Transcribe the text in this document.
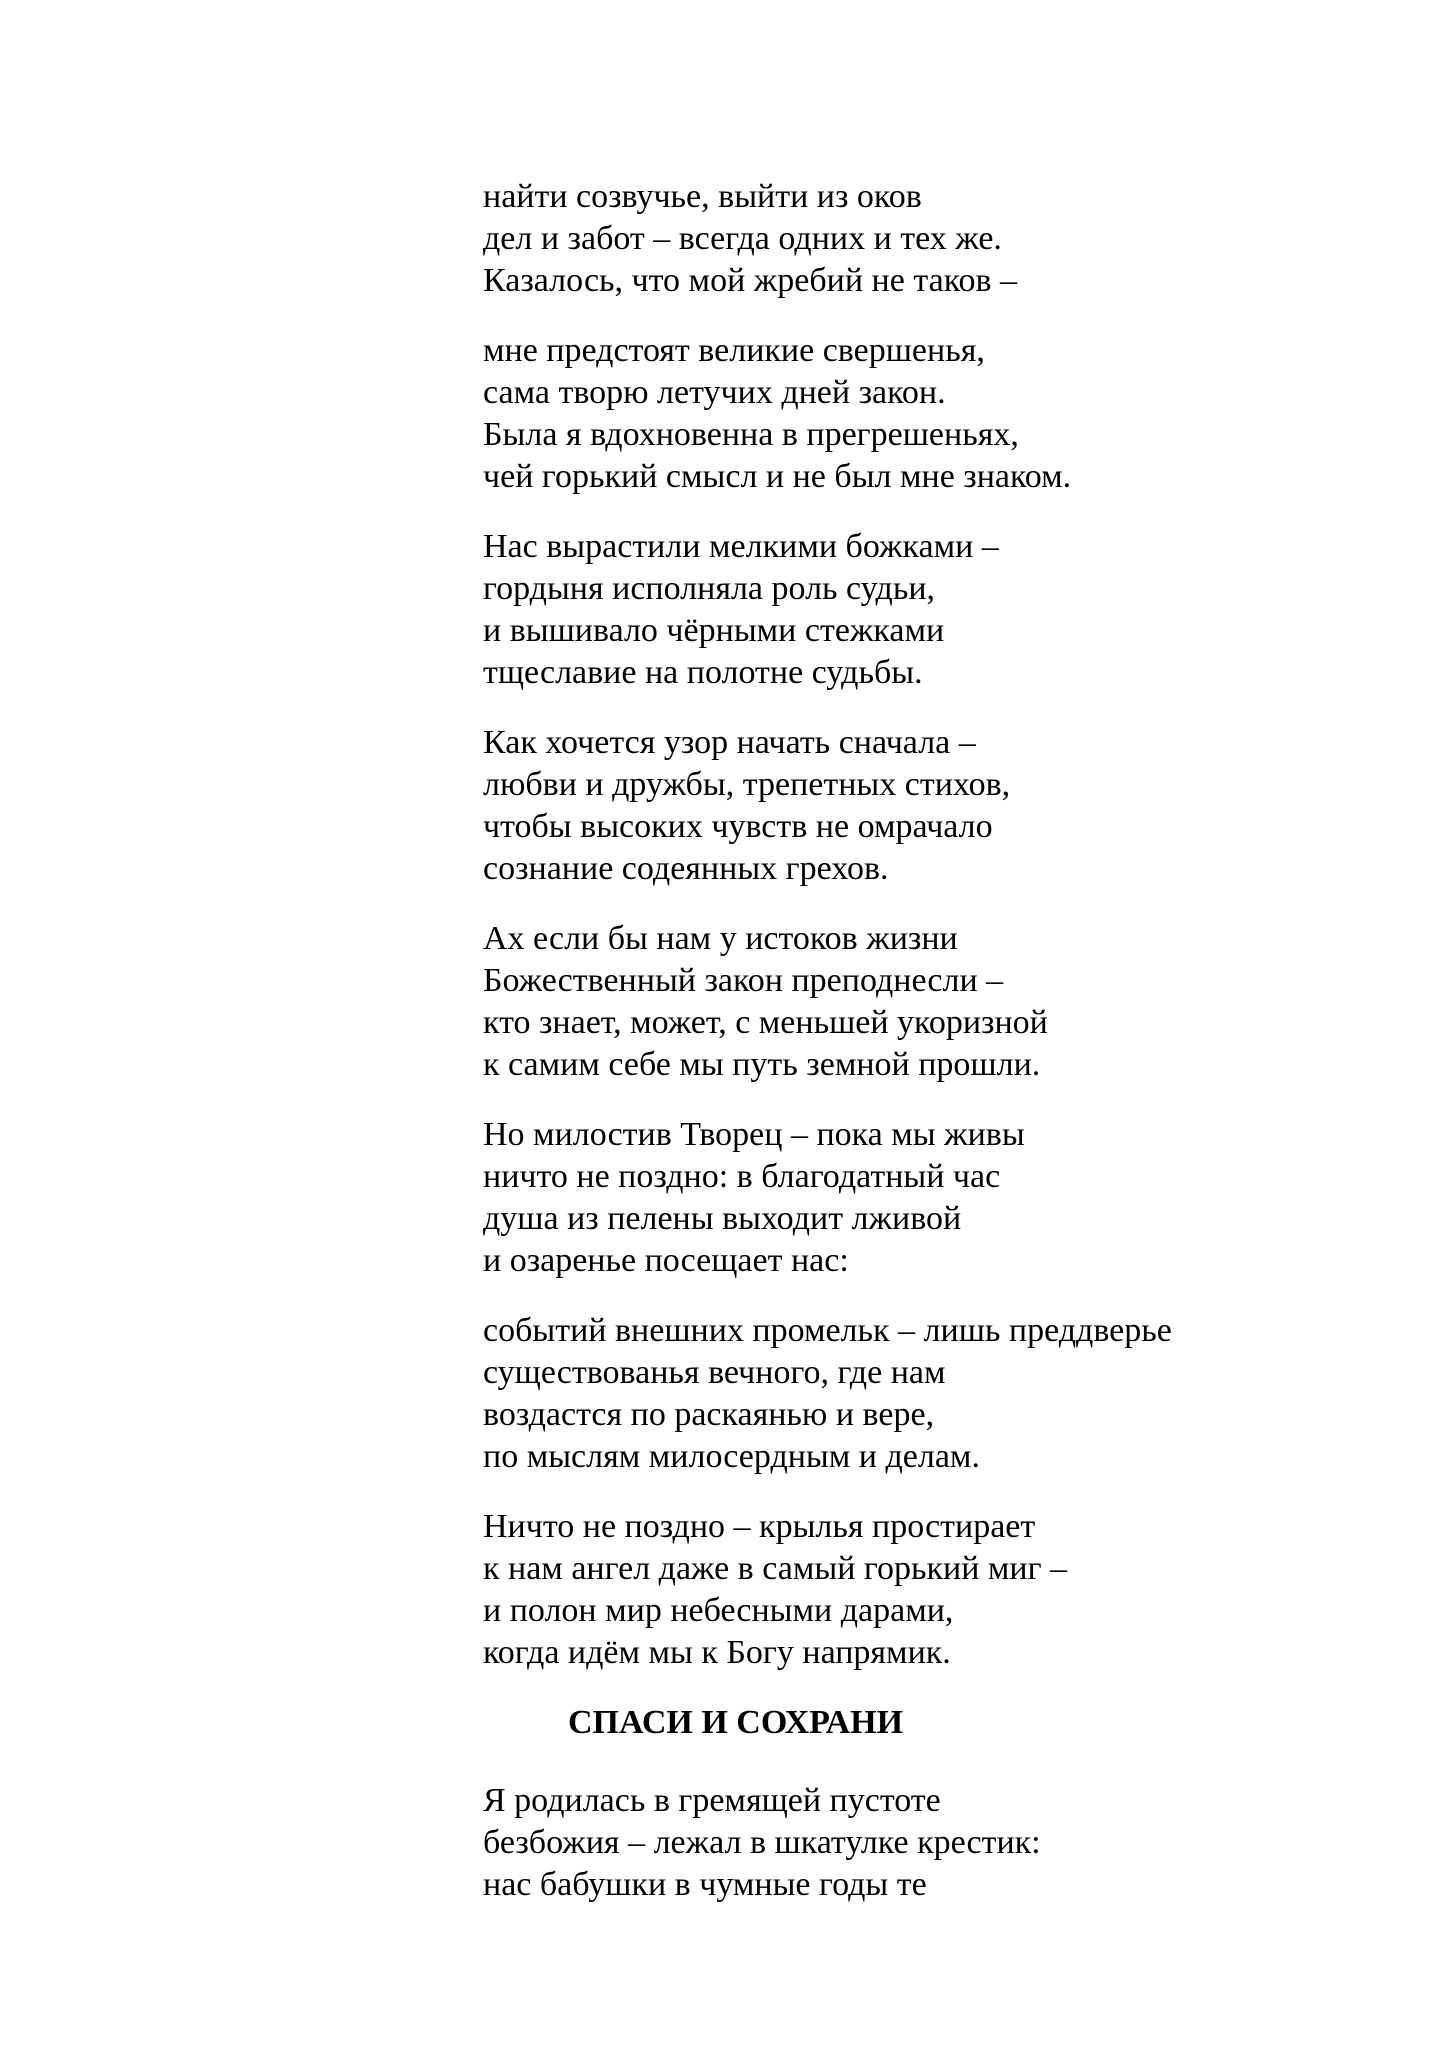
найти созвучье, выйти из оков
дел и забот – всегда одних и тех же.
Казалось, что мой жребий не таков –

мне предстоят великие свершенья,
сама творю летучих дней закон.
Была я вдохновенна в прегрешеньях,
чей горький смысл и не был мне знаком.

Нас вырастили мелкими божками –
гордыня исполняла роль судьи,
и вышивало чёрными стежками
тщеславие на полотне судьбы.

Как хочется узор начать сначала –
любви и дружбы, трепетных стихов,
чтобы высоких чувств не омрачало
сознание содеянных грехов.

Ах если бы нам у истоков жизни
Божественный закон преподнесли –
кто знает, может, с меньшей укоризной
к самим себе мы путь земной прошли.

Но милостив Творец – пока мы живы
ничто не поздно: в благодатный час
душа из пелены выходит лживой
и озаренье посещает нас:

событий внешних промельк – лишь преддверье
существованья вечного, где нам
воздастся по раскаянью и вере,
по мыслям милосердным и делам.

Ничто не поздно – крылья простирает
к нам ангел даже в самый горький миг –
и полон мир небесными дарами,
когда идём мы к Богу напрямик.

СПАСИ И СОХРАНИ

Я родилась в гремящей пустоте
безбожия – лежал в шкатулке крестик:
нас бабушки в чумные годы те
